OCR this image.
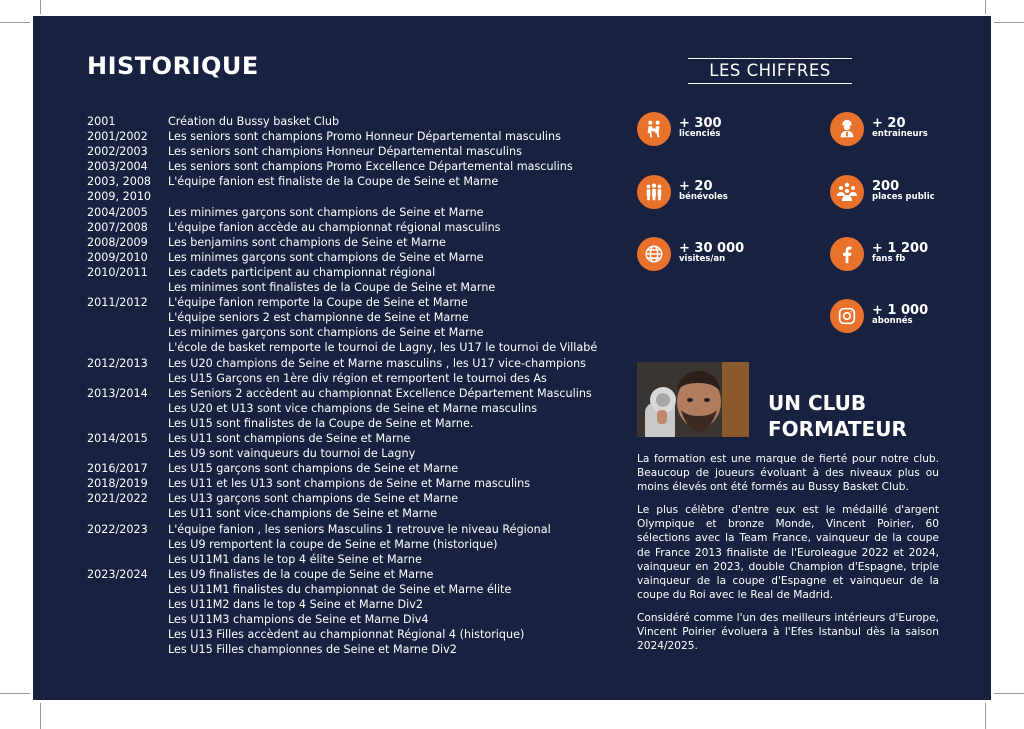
HISTORIQUE
2001	Création du Bussy basket Club
2001/2002	Les seniors sont champions Promo Honneur Départemental masculins
2002/2003	Les seniors sont champions Honneur Départemental masculins
2003/2004	Les seniors sont champions Promo Excellence Départemental masculins
2003, 2008	L'équipe fanion est finaliste de la Coupe de Seine et Marne
2009, 2010
2004/2005	Les minimes garçons sont champions de Seine et Marne
2007/2008	L'équipe fanion accède au championnat régional masculins
2008/2009	Les benjamins sont champions de Seine et Marne
2009/2010	Les minimes garçons sont champions de Seine et Marne
2010/2011	Les cadets participent au championnat régional
Les minimes sont finalistes de la Coupe de Seine et Marne
2011/2012	L'équipe fanion remporte la Coupe de Seine et Marne
L'équipe seniors 2 est championne de Seine et Marne
Les minimes garçons sont champions de Seine et Marne
L'école de basket remporte le tournoi de Lagny, les U17 le tournoi de Villabé
2012/2013	Les U20 champions de Seine et Marne masculins , les U17 vice-champions
Les U15 Garçons en 1ère div région et remportent le tournoi des As
2013/2014	Les Seniors 2 accèdent au championnat Excellence Département Masculins
Les U20 et U13 sont vice champions de Seine et Marne masculins
Les U15 sont finalistes de la Coupe de Seine et Marne.
2014/2015	Les U11 sont champions de Seine et Marne
Les U9 sont vainqueurs du tournoi de Lagny
2016/2017	Les U15 garçons sont champions de Seine et Marne
2018/2019	Les U11 et les U13 sont champions de Seine et Marne masculins
2021/2022	Les U13 garçons sont champions de Seine et Marne
Les U11 sont vice-champions de Seine et Marne
2022/2023	L'équipe fanion , les seniors Masculins 1 retrouve le niveau Régional
Les U9 remportent la coupe de Seine et Marne (historique)
Les U11M1 dans le top 4 élite Seine et Marne
2023/2024	Les U9 finalistes de la coupe de Seine et Marne
Les U11M1 finalistes du championnat de Seine et Marne élite
Les U11M2 dans le top 4 Seine et Marne Div2
Les U11M3 champions de Seine et Marne Div4
Les U13 Filles accèdent au championnat Régional 4 (historique)
Les U15 Filles championnes de Seine et Marne Div2
LES CHIFFRES
+ 300
licenciés
+ 20
entraineurs
+ 20
bénévoles
200
places public
+ 30 000
visites/an
+ 1 200
fans fb
+ 1 000
abonnés
UN CLUB
FORMATEUR
La formation est une marque de fierté pour notre club. Beaucoup de joueurs évoluant à des niveaux plus ou moins élevés ont été formés au Bussy Basket Club.
Le plus célèbre d'entre eux est le médaillé d'argent Olympique et bronze Monde, Vincent Poirier, 60 sélections avec la Team France, vainqueur de la coupe de France 2013 finaliste de l'Euroleague 2022 et 2024, vainqueur en 2023, double Champion d'Espagne, triple vainqueur de la coupe d'Espagne et vainqueur de la coupe du Roi avec le Real de Madrid.
Considéré comme l'un des meilleurs intérieurs d'Europe, Vincent Poirier évoluera à l'Efes Istanbul dès la saison 2024/2025.
